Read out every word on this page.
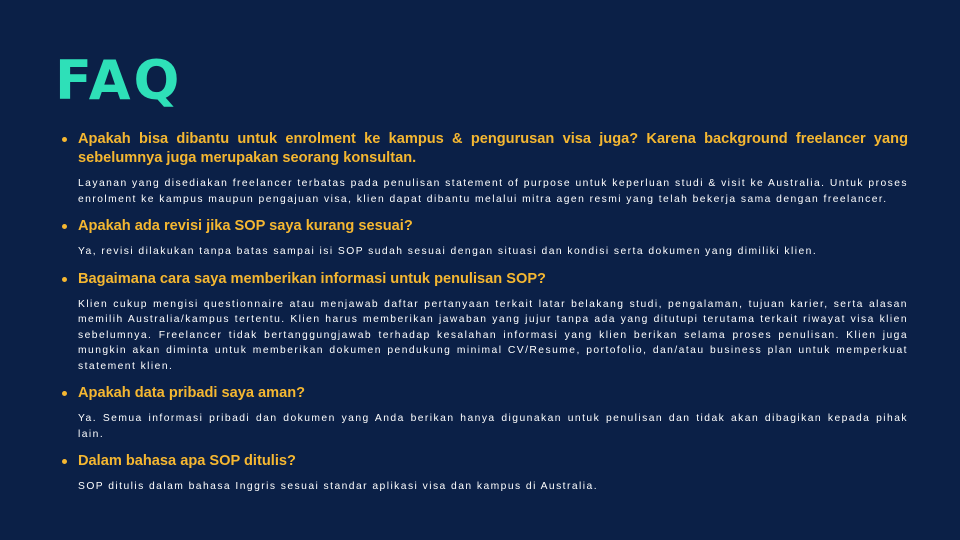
FAQ
Apakah bisa dibantu untuk enrolment ke kampus & pengurusan visa juga? Karena background freelancer yang sebelumnya juga merupakan seorang konsultan.
Layanan yang disediakan freelancer terbatas pada penulisan statement of purpose untuk keperluan studi & visit ke Australia. Untuk proses enrolment ke kampus maupun pengajuan visa, klien dapat dibantu melalui mitra agen resmi yang telah bekerja sama dengan freelancer.
Apakah ada revisi jika SOP saya kurang sesuai?
Ya, revisi dilakukan tanpa batas sampai isi SOP sudah sesuai dengan situasi dan kondisi serta dokumen yang dimiliki klien.
Bagaimana cara saya memberikan informasi untuk penulisan SOP?
Klien cukup mengisi questionnaire atau menjawab daftar pertanyaan terkait latar belakang studi, pengalaman, tujuan karier, serta alasan memilih Australia/kampus tertentu. Klien harus memberikan jawaban yang jujur tanpa ada yang ditutupi terutama terkait riwayat visa klien sebelumnya. Freelancer tidak bertanggungjawab terhadap kesalahan informasi yang klien berikan selama proses penulisan. Klien juga mungkin akan diminta untuk memberikan dokumen pendukung minimal CV/Resume, portofolio, dan/atau business plan untuk memperkuat statement klien.
Apakah data pribadi saya aman?
Ya. Semua informasi pribadi dan dokumen yang Anda berikan hanya digunakan untuk penulisan dan tidak akan dibagikan kepada pihak lain.
Dalam bahasa apa SOP ditulis?
SOP ditulis dalam bahasa Inggris sesuai standar aplikasi visa dan kampus di Australia.
